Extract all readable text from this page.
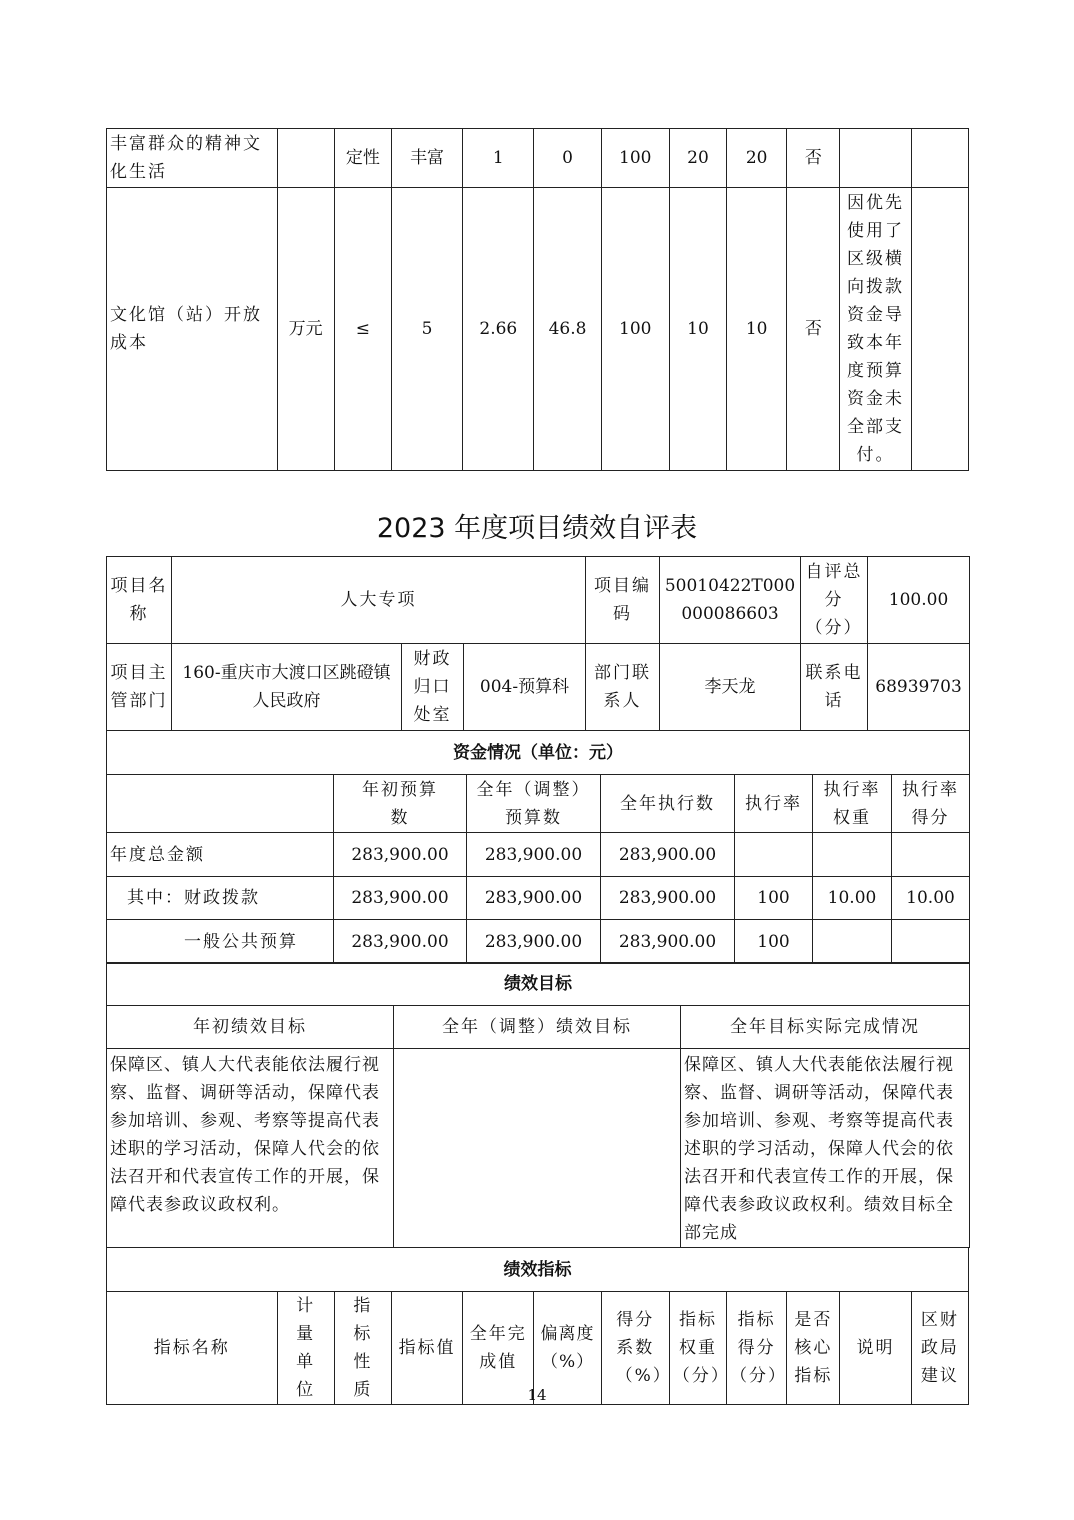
丰富群众的精神文化生活		定性	丰富	1	0	100	20	20	否		
文化馆（站）开放成本	万元	≤	5	2.66	46.8	100	10	10	否	因优先使用了区级横向拨款资金导致本年度预算资金未全部支付。	
2023 年度项目绩效自评表
项目名称	人大专项			项目编码	50010422T000000086603	自评总分（分）	100.00
项目主管部门	160-重庆市大渡口区跳磴镇人民政府	财政归口处室	004-预算科	部门联系人	李天龙	联系电话	68939703
资金情况（单位：元）						
	年初预算数	全年（调整）预算数	全年执行数	执行率	执行率权重	执行率得分
年度总金额	283,900.00	283,900.00	283,900.00			
其中：财政拨款	283,900.00	283,900.00	283,900.00	100	10.00	10.00
一般公共预算	283,900.00	283,900.00	283,900.00	100		
绩效目标		
年初绩效目标	全年（调整）绩效目标	全年目标实际完成情况
保障区、镇人大代表能依法履行视察、监督、调研等活动，保障代表参加培训、参观、考察等提高代表述职的学习活动，保障人代会的依法召开和代表宣传工作的开展，保障代表参政议政权利。		保障区、镇人大代表能依法履行视察、监督、调研等活动，保障代表参加培训、参观、考察等提高代表述职的学习活动，保障人代会的依法召开和代表宣传工作的开展，保障代表参政议政权利。绩效目标全部完成
绩效指标
指标名称	计量单位	指标性质	指标值	全年完成值	偏离度（%）	得分系数（%）	指标权重（分）	指标得分（分）	是否核心指标	说明	区财政局建议
14
